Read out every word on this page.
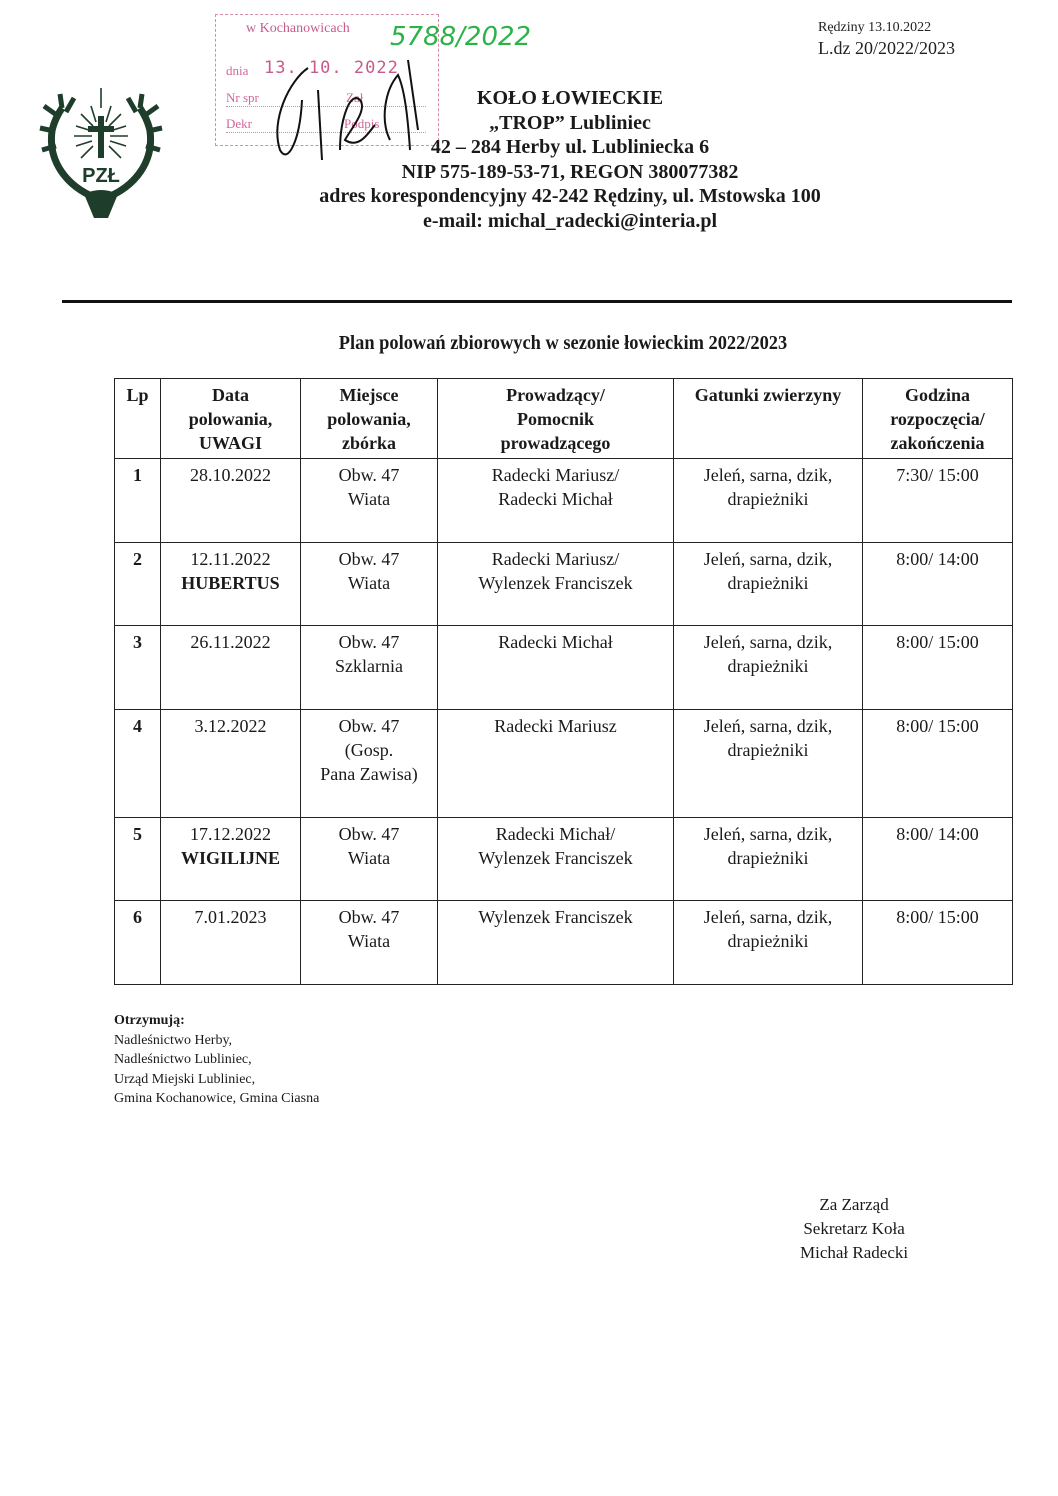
Rędziny 13.10.2022
L.dz 20/2022/2023
PZŁ
w Kochanowicach
dnia 13. 10. 2022
Nr spr	Zał
Dekr	Podpis
5788/2022
KOŁO ŁOWIECKIE
„TROP” Lubliniec
42 – 284 Herby ul. Lubliniecka 6
NIP 575-189-53-71, REGON 380077382
adres korespondencyjny 42-242 Rędziny, ul. Mstowska 100
e-mail: michal_radecki@interia.pl
Plan polowań zbiorowych w sezonie łowieckim 2022/2023
Lp	Data
polowania,
UWAGI	Miejsce
polowania,
zbórka	Prowadzący/
Pomocnik
prowadzącego	Gatunki zwierzyny	Godzina
rozpoczęcia/
zakończenia

1	28.10.2022	Obw. 47
Wiata	Radecki Mariusz/
Radecki Michał	Jeleń, sarna, dzik,
drapieżniki	7:30/ 15:00
2	12.11.2022
HUBERTUS	Obw. 47
Wiata	Radecki Mariusz/
Wylenzek Franciszek	Jeleń, sarna, dzik,
drapieżniki	8:00/ 14:00
3	26.11.2022	Obw. 47
Szklarnia	Radecki Michał	Jeleń, sarna, dzik,
drapieżniki	8:00/ 15:00
4	3.12.2022	Obw. 47
(Gosp.
Pana Zawisa)	Radecki Mariusz	Jeleń, sarna, dzik,
drapieżniki	8:00/ 15:00
5	17.12.2022
WIGILIJNE	Obw. 47
Wiata	Radecki Michał/
Wylenzek Franciszek	Jeleń, sarna, dzik,
drapieżniki	8:00/ 14:00
6	7.01.2023	Obw. 47
Wiata	Wylenzek Franciszek	Jeleń, sarna, dzik,
drapieżniki	8:00/ 15:00
Otrzymują:
Nadleśnictwo Herby,
Nadleśnictwo Lubliniec,
Urząd Miejski Lubliniec,
Gmina Kochanowice, Gmina Ciasna
Za Zarząd
Sekretarz Koła
Michał Radecki
